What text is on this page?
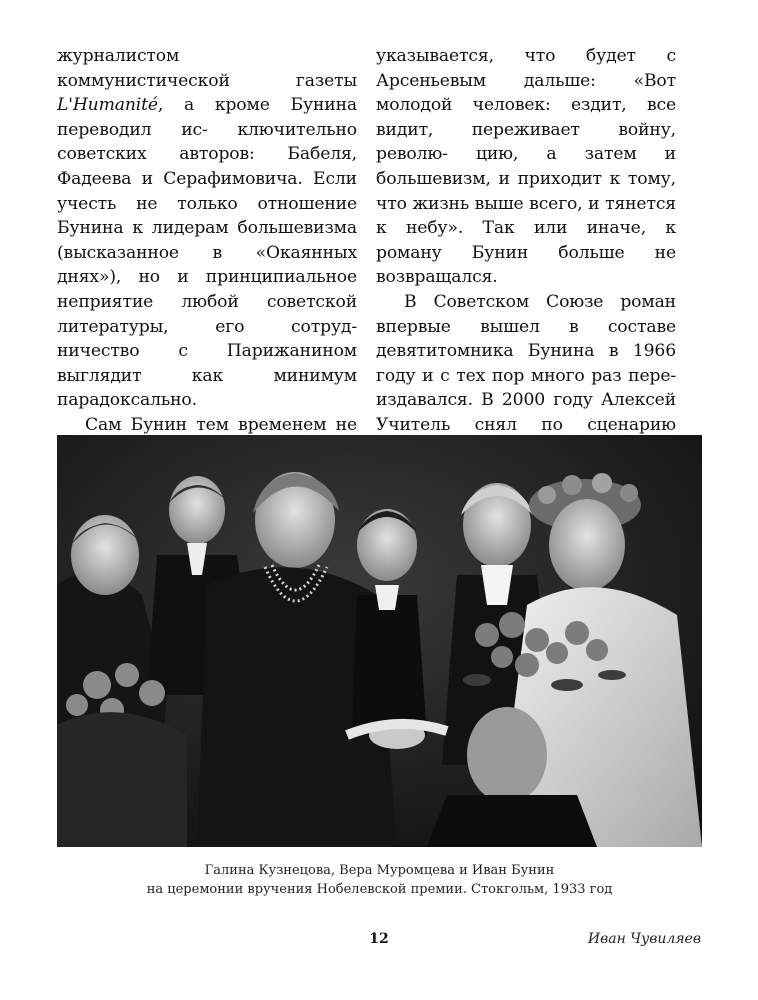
журналистом коммунистической газеты L'Humanité, а кроме Бунина переводил ис- ключительно советских авторов: Бабеля, Фадеева и Серафимовича. Если учесть не только отношение Бунина к лидерам большевизма (высказанное в «Окаянных днях»), но и принципиальное неприятие любой советской литературы, его сотруд- ничество с Парижанином выглядит как	минимум парадоксально.

Сам Бунин тем временем не

указывается, что будет с Арсеньевым дальше: «Вот молодой человек: ездит, все видит, переживает войну, револю- цию, а затем и большевизм, и приходит к тому, что жизнь выше всего, и тянется к небу». Так или иначе, к роману Бунин больше не возвращался.

В Советском Союзе роман впервые вышел в составе девятитомника Бунина в 1966 году и с тех пор много раз пере- издавался. В 2000 году Алексей Учитель снял по сценарию

Галина Кузнецова, Вера Муромцева и Иван Бунин
на церемонии вручения Нобелевской премии. Стокгольм, 1933 год
12	Иван Чувиляев
